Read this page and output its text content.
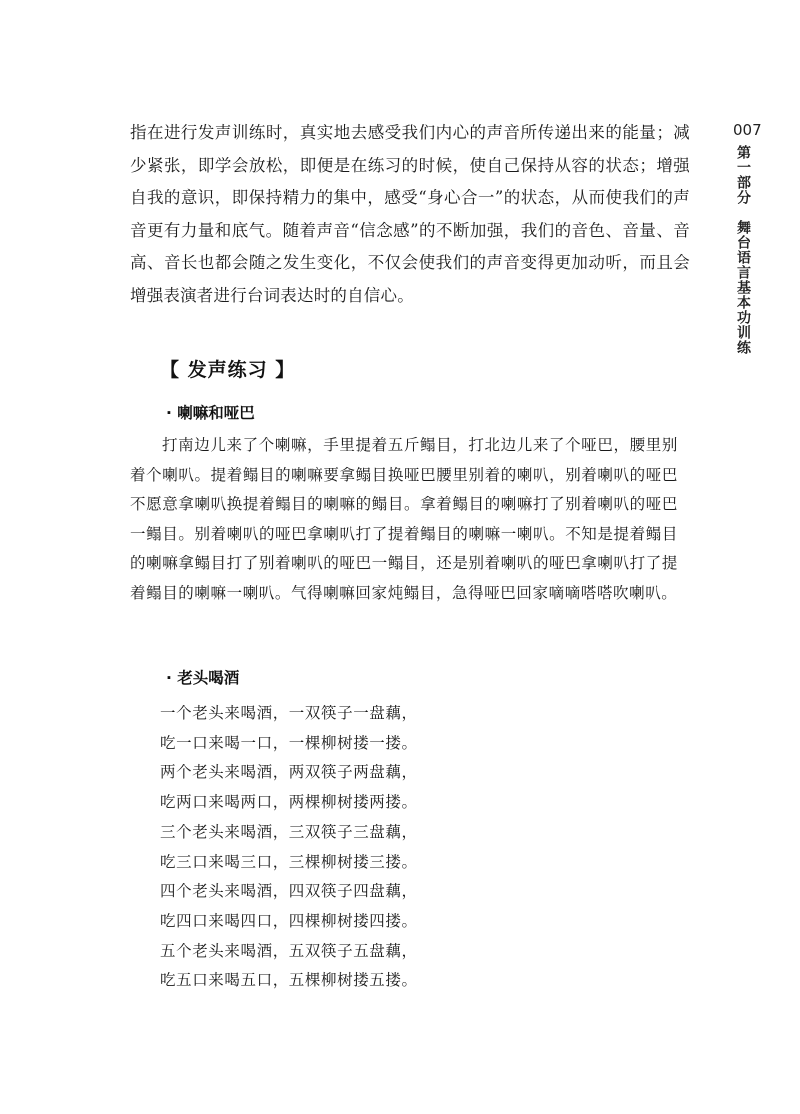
007
第一部分　舞台语言基本功训练

指在进行发声训练时，真实地去感受我们内心的声音所传递出来的能量；减少紧张，即学会放松，即便是在练习的时候，使自己保持从容的状态；增强自我的意识，即保持精力的集中，感受“身心合一”的状态，从而使我们的声音更有力量和底气。随着声音“信念感”的不断加强，我们的音色、音量、音高、音长也都会随之发生变化，不仅会使我们的声音变得更加动听，而且会增强表演者进行台词表达时的自信心。

【 发声练习 】
· 喇嘛和哑巴

打南边儿来了个喇嘛，手里提着五斤鳎目，打北边儿来了个哑巴，腰里别着个喇叭。提着鳎目的喇嘛要拿鳎目换哑巴腰里别着的喇叭，别着喇叭的哑巴不愿意拿喇叭换提着鳎目的喇嘛的鳎目。拿着鳎目的喇嘛打了别着喇叭的哑巴一鳎目。别着喇叭的哑巴拿喇叭打了提着鳎目的喇嘛一喇叭。不知是提着鳎目的喇嘛拿鳎目打了别着喇叭的哑巴一鳎目，还是别着喇叭的哑巴拿喇叭打了提着鳎目的喇嘛一喇叭。气得喇嘛回家炖鳎目，急得哑巴回家嘀嘀嗒嗒吹喇叭。

· 老头喝酒
一个老头来喝酒，一双筷子一盘藕，
吃一口来喝一口，一棵柳树搂一搂。
两个老头来喝酒，两双筷子两盘藕，
吃两口来喝两口，两棵柳树搂两搂。
三个老头来喝酒，三双筷子三盘藕，
吃三口来喝三口，三棵柳树搂三搂。
四个老头来喝酒，四双筷子四盘藕，
吃四口来喝四口，四棵柳树搂四搂。
五个老头来喝酒，五双筷子五盘藕，
吃五口来喝五口，五棵柳树搂五搂。
